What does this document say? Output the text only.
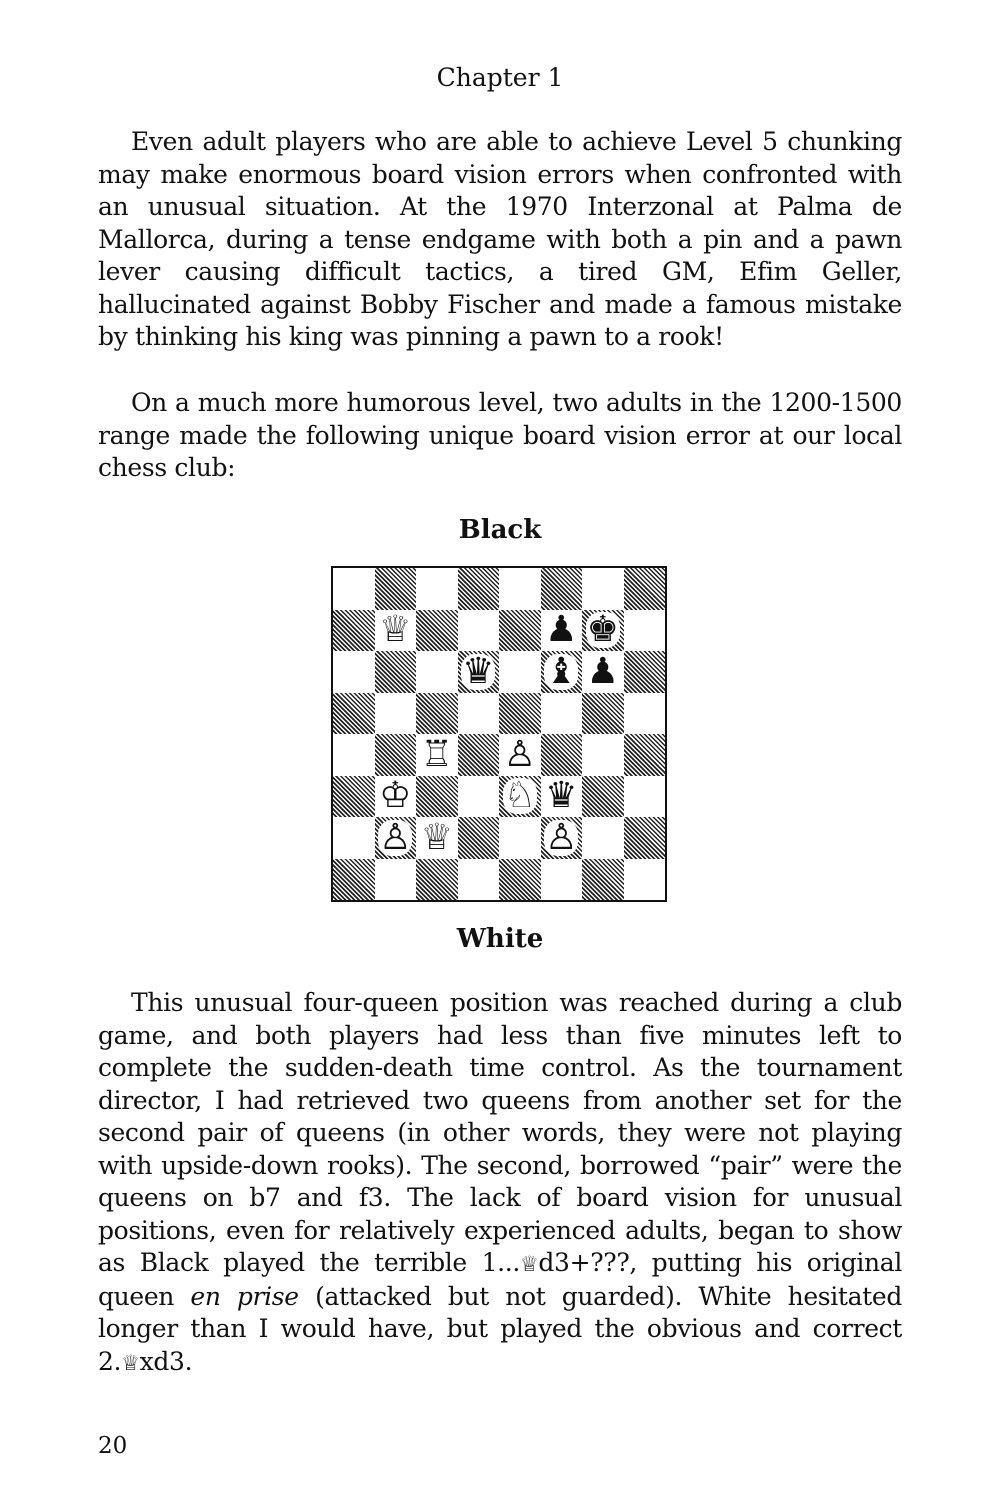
Chapter 1

Even adult players who are able to achieve Level 5 chunking may make enormous board vision errors when confronted with an unusual situation. At the 1970 Interzonal at Palma de Mallorca, during a tense endgame with both a pin and a pawn lever causing difficult tactics, a tired GM, Efim Geller, hallucinated against Bobby Fischer and made a famous mistake by thinking his king was pinning a pawn to a rook!

On a much more humorous level, two adults in the 1200-1500 range made the following unique board vision error at our local chess club:

Black
♕	♟ ♚
♛ ♝ ♟
♖ ♙
♔	♘ ♛
♙ ♕	♙
White

This unusual four-queen position was reached during a club game, and both players had less than five minutes left to complete the sudden-death time control. As the tournament director, I had retrieved two queens from another set for the second pair of queens (in other words, they were not playing with upside-down rooks). The second, borrowed “pair” were the queens on b7 and f3. The lack of board vision for unusual positions, even for relatively experienced adults, began to show as Black played the terrible 1...♕d3+???, putting his original queen en prise (attacked but not guarded). White hesitated longer than I would have, but played the obvious and correct 2.♕xd3.

20
